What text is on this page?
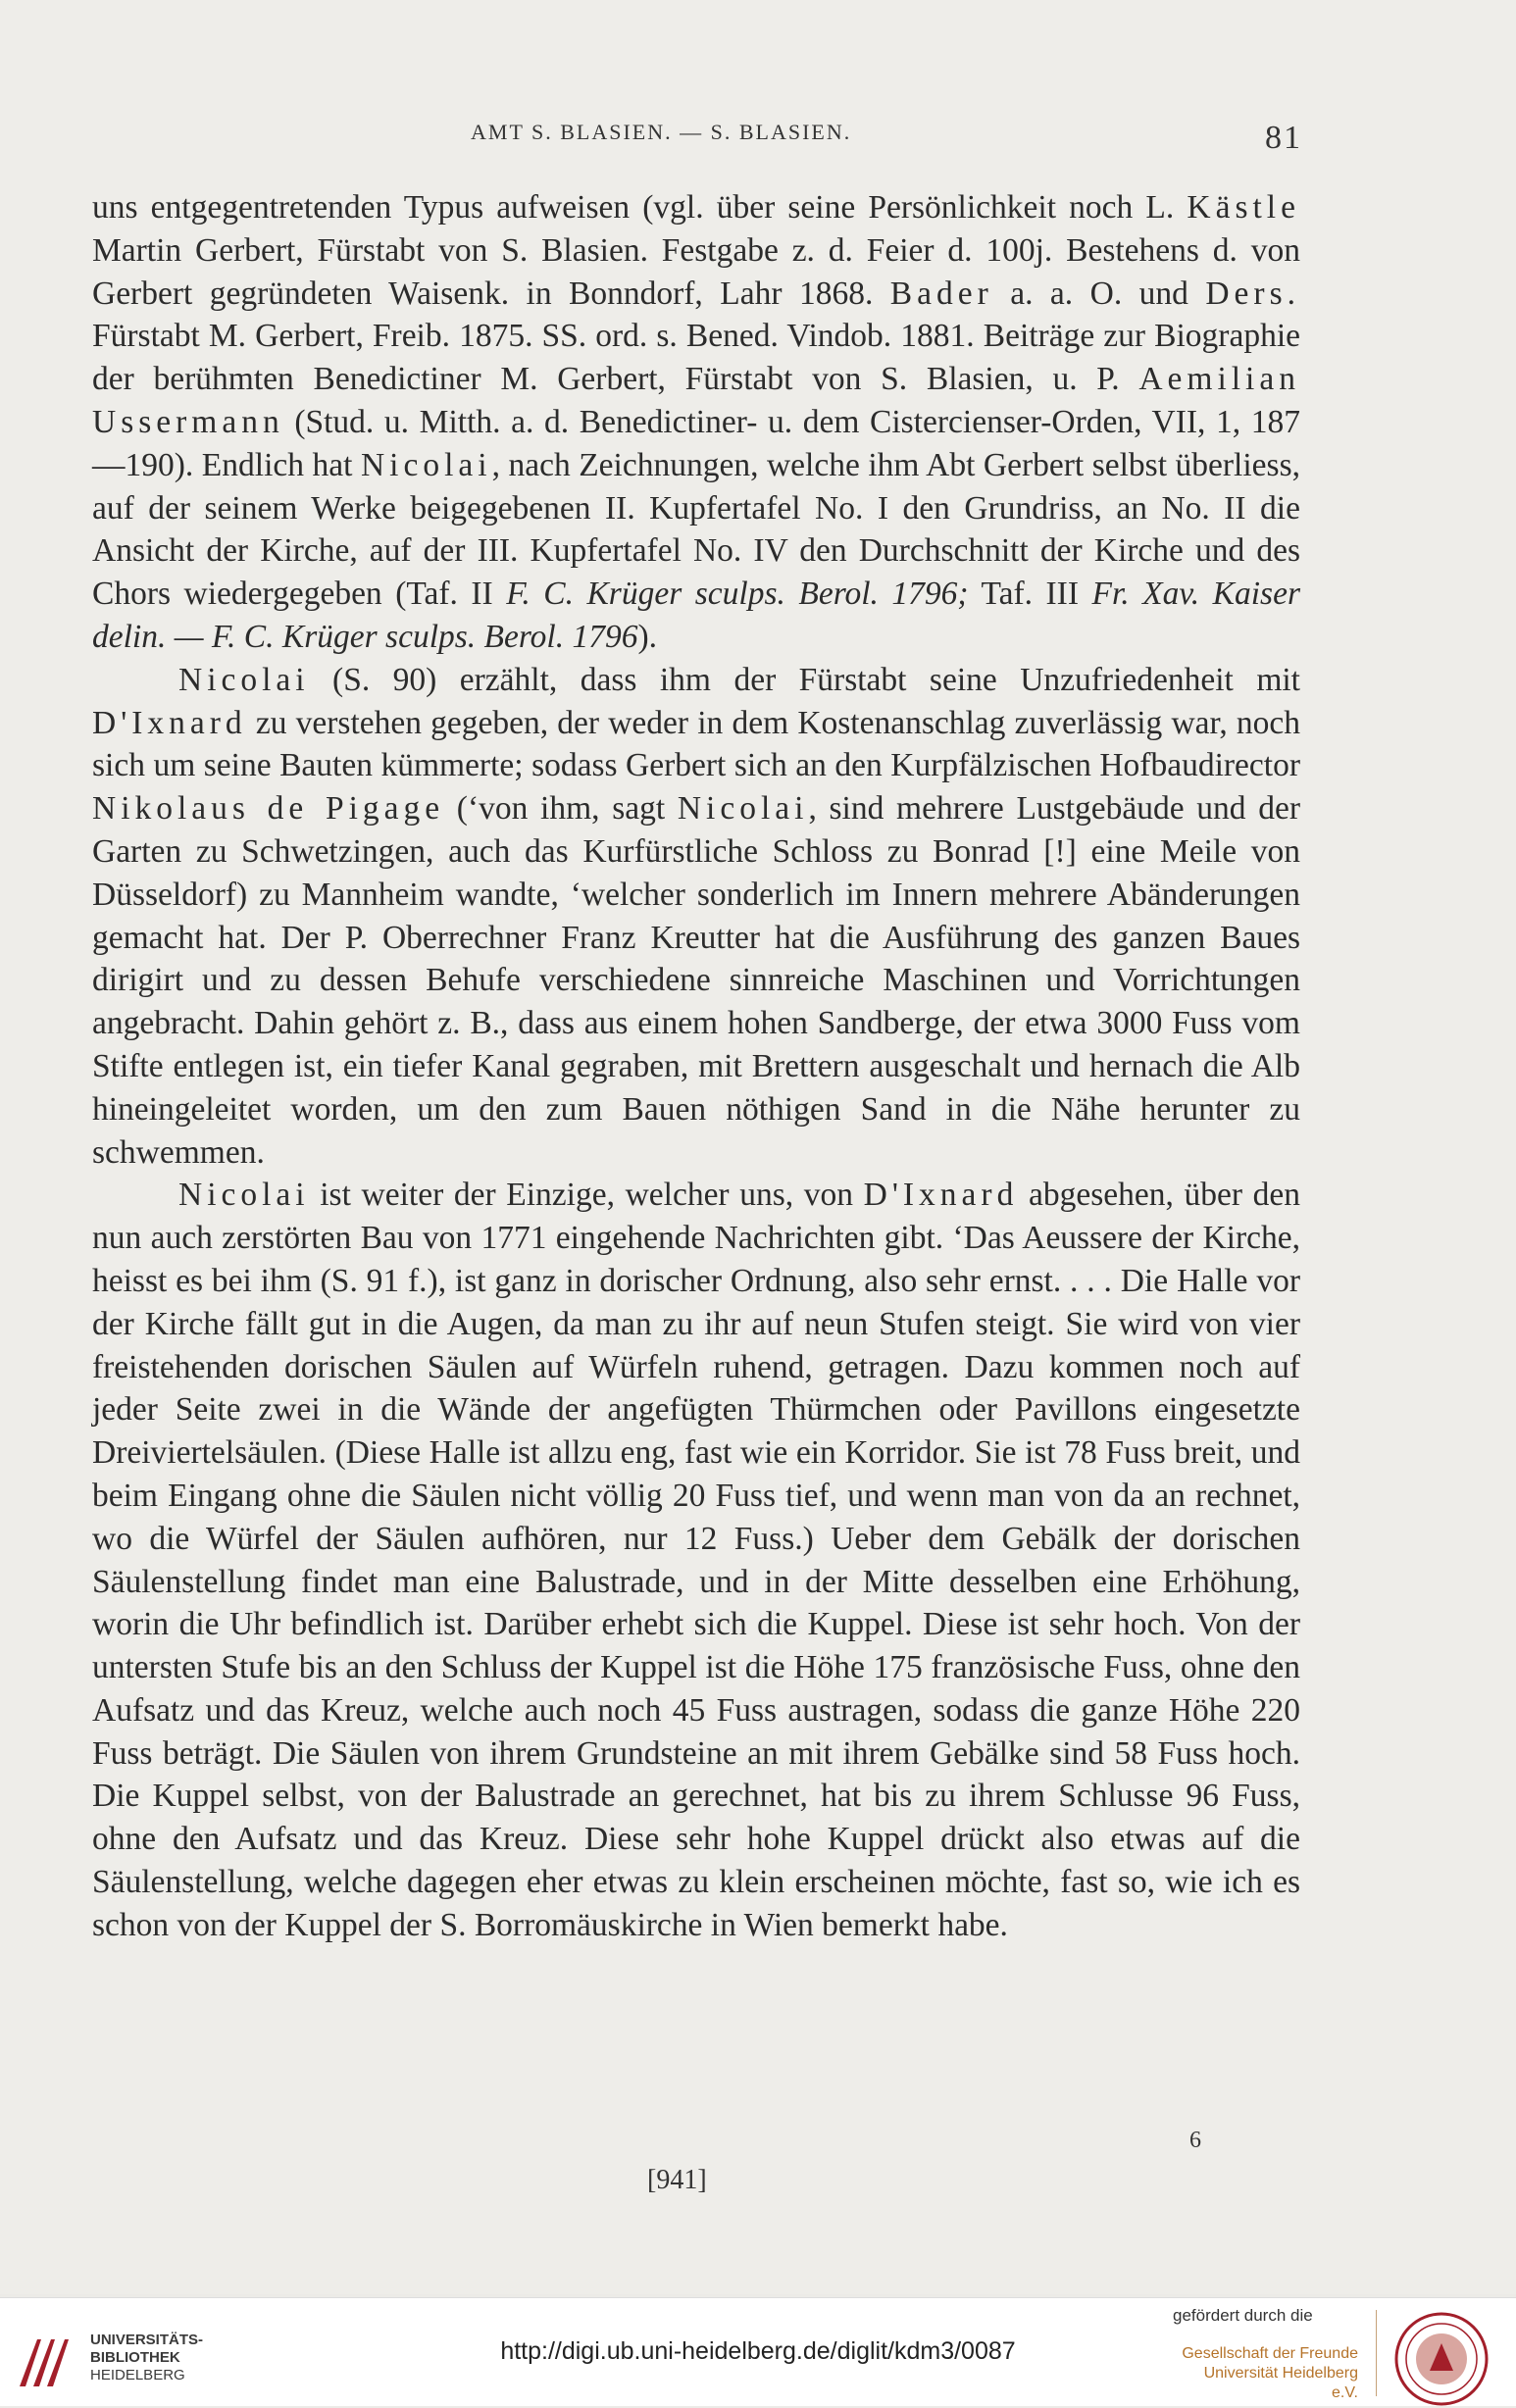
AMT S. BLASIEN. — S. BLASIEN.	81

uns entgegentretenden Typus aufweisen (vgl. über seine Persönlichkeit noch L. Kästle Martin Gerbert, Fürstabt von S. Blasien. Festgabe z. d. Feier d. 100j. Bestehens d. von Gerbert gegründeten Waisenk. in Bonndorf, Lahr 1868. Bader a. a. O. und Ders. Fürstabt M. Gerbert, Freib. 1875. SS. ord. s. Bened. Vindob. 1881. Beiträge zur Biographie der berühmten Benedictiner M. Gerbert, Fürstabt von S. Blasien, u. P. Aemilian Ussermann (Stud. u. Mitth. a. d. Benedictiner- u. dem Cistercienser-Orden, VII, 1, 187—190). Endlich hat Nicolai, nach Zeichnungen, welche ihm Abt Gerbert selbst überliess, auf der seinem Werke beigegebenen II. Kupfertafel No. I den Grundriss, an No. II die Ansicht der Kirche, auf der III. Kupfertafel No. IV den Durchschnitt der Kirche und des Chors wiedergegeben (Taf. II F. C. Krüger sculps. Berol. 1796; Taf. III Fr. Xav. Kaiser delin. — F. C. Krüger sculps. Berol. 1796).

Nicolai (S. 90) erzählt, dass ihm der Fürstabt seine Unzufriedenheit mit D'Ixnard zu verstehen gegeben, der weder in dem Kostenanschlag zuverlässig war, noch sich um seine Bauten kümmerte; sodass Gerbert sich an den Kurpfälzischen Hofbaudirector Nikolaus de Pigage (‘von ihm, sagt Nicolai, sind mehrere Lustgebäude und der Garten zu Schwetzingen, auch das Kurfürstliche Schloss zu Bonrad [!] eine Meile von Düsseldorf) zu Mannheim wandte, ‘welcher sonderlich im Innern mehrere Abänderungen gemacht hat. Der P. Oberrechner Franz Kreutter hat die Ausführung des ganzen Baues dirigirt und zu dessen Behufe verschiedene sinnreiche Maschinen und Vorrichtungen angebracht. Dahin gehört z. B., dass aus einem hohen Sandberge, der etwa 3000 Fuss vom Stifte entlegen ist, ein tiefer Kanal gegraben, mit Brettern ausgeschalt und hernach die Alb hineingeleitet worden, um den zum Bauen nöthigen Sand in die Nähe herunter zu schwemmen.

Nicolai ist weiter der Einzige, welcher uns, von D'Ixnard abgesehen, über den nun auch zerstörten Bau von 1771 eingehende Nachrichten gibt. ‘Das Aeussere der Kirche, heisst es bei ihm (S. 91 f.), ist ganz in dorischer Ordnung, also sehr ernst. . . . Die Halle vor der Kirche fällt gut in die Augen, da man zu ihr auf neun Stufen steigt. Sie wird von vier freistehenden dorischen Säulen auf Würfeln ruhend, getragen. Dazu kommen noch auf jeder Seite zwei in die Wände der angefügten Thürmchen oder Pavillons eingesetzte Dreiviertelsäulen. (Diese Halle ist allzu eng, fast wie ein Korridor. Sie ist 78 Fuss breit, und beim Eingang ohne die Säulen nicht völlig 20 Fuss tief, und wenn man von da an rechnet, wo die Würfel der Säulen aufhören, nur 12 Fuss.) Ueber dem Gebälk der dorischen Säulenstellung findet man eine Balustrade, und in der Mitte desselben eine Erhöhung, worin die Uhr befindlich ist. Darüber erhebt sich die Kuppel. Diese ist sehr hoch. Von der untersten Stufe bis an den Schluss der Kuppel ist die Höhe 175 französische Fuss, ohne den Aufsatz und das Kreuz, welche auch noch 45 Fuss austragen, sodass die ganze Höhe 220 Fuss beträgt. Die Säulen von ihrem Grundsteine an mit ihrem Gebälke sind 58 Fuss hoch. Die Kuppel selbst, von der Balustrade an gerechnet, hat bis zu ihrem Schlusse 96 Fuss, ohne den Aufsatz und das Kreuz. Diese sehr hohe Kuppel drückt also etwas auf die Säulenstellung, welche dagegen eher etwas zu klein erscheinen möchte, fast so, wie ich es schon von der Kuppel der S. Borromäuskirche in Wien bemerkt habe.

6
[941]
UNIVERSITÄTS-
BIBLIOTHEK
HEIDELBERG
http://digi.ub.uni-heidelberg.de/diglit/kdm3/0087
gefördert durch die
Gesellschaft der Freunde
Universität Heidelberg e.V.
